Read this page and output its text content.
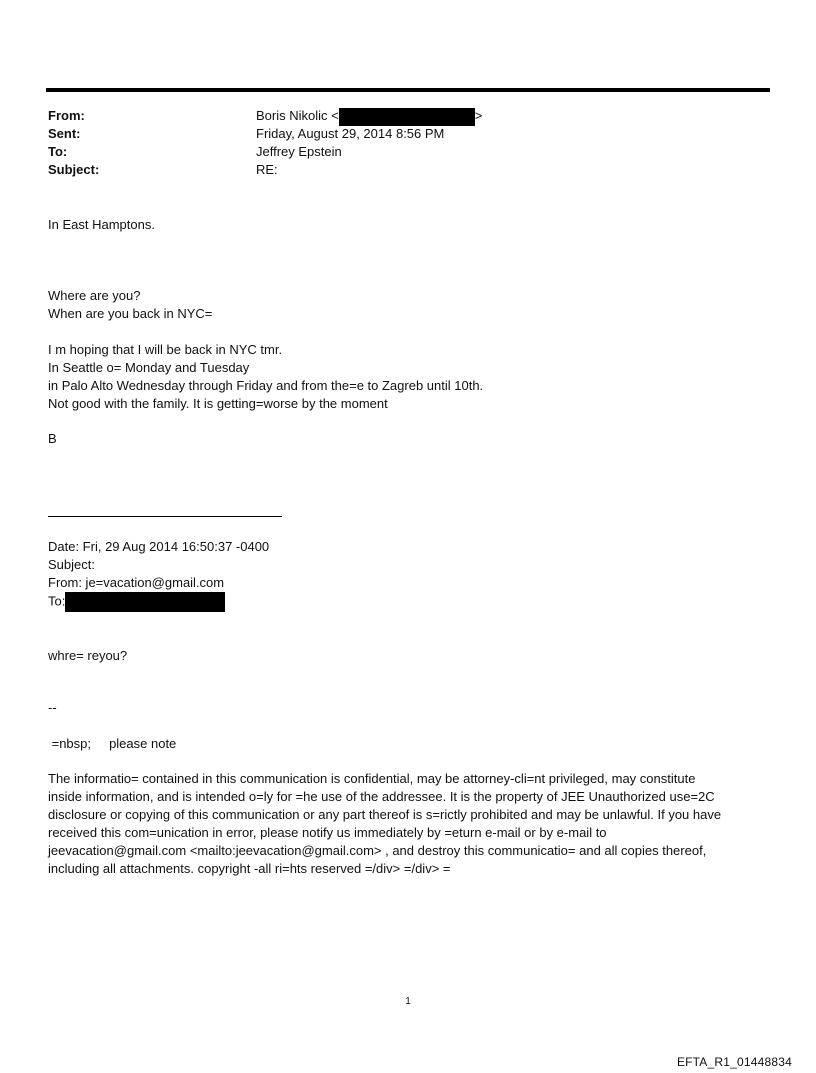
From:	Boris Nikolic <	>
Sent:	Friday, August 29, 2014 8:56 PM
To:	Jeffrey Epstein
Subject:	RE:
In East Hamptons.
Where are you?
When are you back in NYC=
I m hoping that I will be back in NYC tmr.
In Seattle o= Monday and Tuesday
in Palo Alto Wednesday through Friday and from the=e to Zagreb until 10th.
Not good with the family. It is getting=worse by the moment
B
Date: Fri, 29 Aug 2014 16:50:37 -0400
Subject:
From: je=vacation@gmail.com
To:
whre= reyou?
--
=nbsp;     please note
The informatio= contained in this communication is confidential, may be attorney-cli=nt privileged, may constitute
inside information, and is intended o=ly for =he use of the addressee. It is the property of JEE Unauthorized use=2C
disclosure or copying of this communication or any part thereof is s=rictly prohibited and may be unlawful. If you have
received this com=unication in error, please notify us immediately by =eturn e-mail or by e-mail to
jeevacation@gmail.com <mailto:jeevacation@gmail.com> , and destroy this communicatio= and all copies thereof,
including all attachments. copyright -all ri=hts reserved =/div> =/div> =
1
EFTA_R1_01448834
